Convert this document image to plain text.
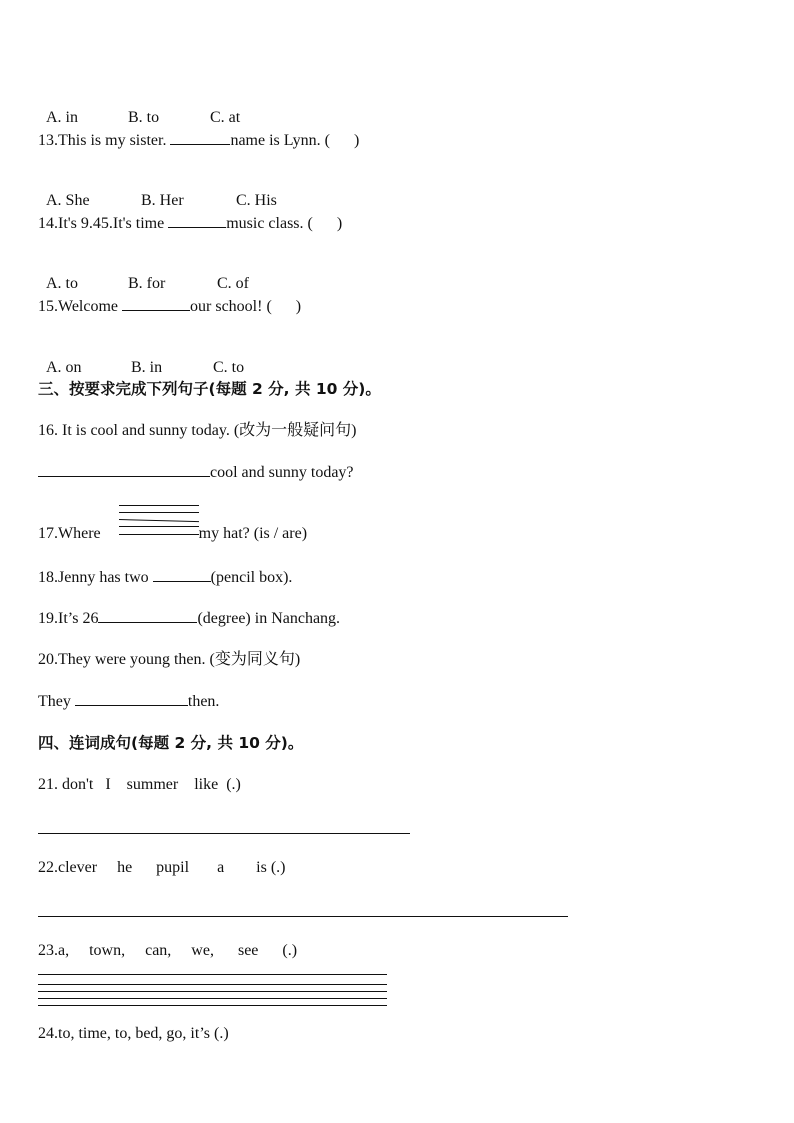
A. in	B. to	C. at

13.This is my sister.	name is Lynn. (      )

A. She	B. Her	C. His

14.It's 9.45.It's time	music class. (      )

A. to	B. for	C. of

15.Welcome	our school! (      )

A. on	B. in	C. to

三、按要求完成下列句子(每题 2 分, 共 10 分)。
16. It is cool and sunny today. (改为一般疑问句)
cool and sunny today?
17.Where	my hat? (is / are)
18.Jenny has two	(pencil box).
19.It’s 26	(degree) in Nanchang.
20.They were young then. (变为同义句)
They	then.
四、连词成句(每题 2 分, 共 10 分)。
21. don't   I    summer    like  (.)
22.clever     he      pupil       a        is (.)
23.a,     town,     can,     we,      see      (.)
24.to, time, to, bed, go, it’s (.)
